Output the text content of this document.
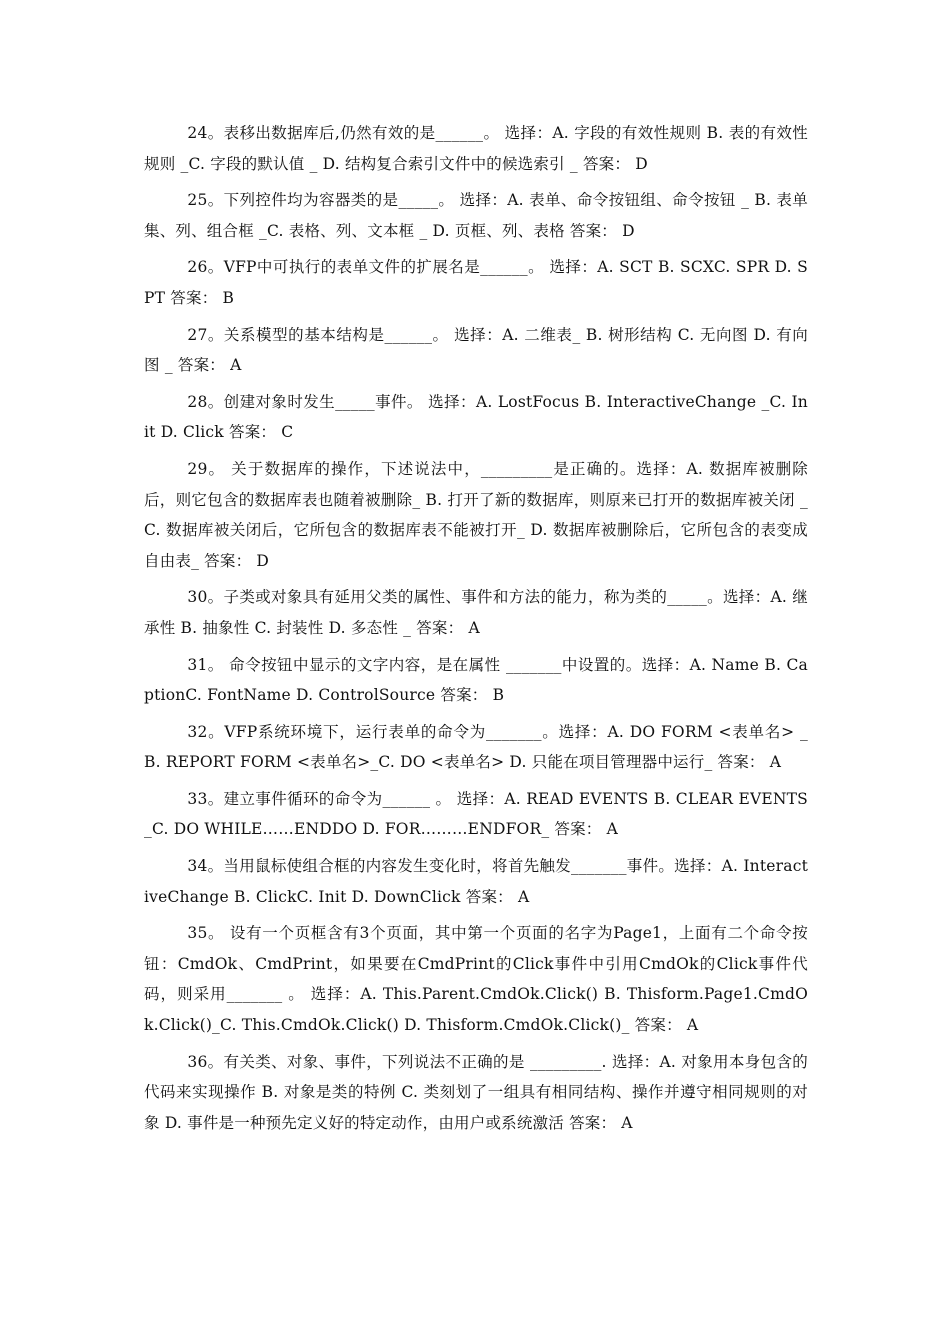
24。表移出数据库后,仍然有效的是______。 选择：A. 字段的有效性规则 B. 表的有效性规则 _C. 字段的默认值 _ D. 结构复合索引文件中的候选索引 _ 答案： D

25。下列控件均为容器类的是_____。 选择：A. 表单、命令按钮组、命令按钮 _ B. 表单集、列、组合框 _C. 表格、列、文本框 _ D. 页框、列、表格 答案： D

26。VFP中可执行的表单文件的扩展名是______。 选择：A. SCT B. SCXC. SPR D. SPT 答案： B

27。关系模型的基本结构是______。 选择：A. 二维表_ B. 树形结构 C. 无向图 D. 有向图 _ 答案： A

28。创建对象时发生_____事件。 选择：A. LostFocus B. InteractiveChange _C. Init D. Click 答案： C

29。 关于数据库的操作，下述说法中，_________是正确的。选择：A. 数据库被删除后，则它包含的数据库表也随着被删除_ B. 打开了新的数据库，则原来已打开的数据库被关闭 _C. 数据库被关闭后，它所包含的数据库表不能被打开_ D. 数据库被删除后，它所包含的表变成自由表_ 答案： D

30。子类或对象具有延用父类的属性、事件和方法的能力，称为类的_____。选择：A. 继承性 B. 抽象性 C. 封装性 D. 多态性 _ 答案： A

31。 命令按钮中显示的文字内容，是在属性 _______中设置的。选择：A. Name B. CaptionC. FontName D. ControlSource 答案： B

32。VFP系统环境下，运行表单的命令为_______。选择：A. DO FORM <表单名> _ B. REPORT FORM <表单名>_C. DO <表单名> D. 只能在项目管理器中运行_ 答案： A

33。建立事件循环的命令为______ 。 选择：A. READ EVENTS B. CLEAR EVENTS_C. DO WHILE……ENDDO D. FOR………ENDFOR_ 答案： A

34。当用鼠标使组合框的内容发生变化时，将首先触发_______事件。选择：A. InteractiveChange B. ClickC. Init D. DownClick 答案： A

35。 设有一个页框含有3个页面，其中第一个页面的名字为Page1，上面有二个命令按钮：CmdOk、CmdPrint，如果要在CmdPrint的Click事件中引用CmdOk的Click事件代码，则采用_______ 。 选择：A. This.Parent.CmdOk.Click() B. Thisform.Page1.CmdOk.Click()_C. This.CmdOk.Click() D. Thisform.CmdOk.Click()_ 答案： A

36。有关类、对象、事件，下列说法不正确的是 _________. 选择：A. 对象用本身包含的代码来实现操作 B. 对象是类的特例 C. 类刻划了一组具有相同结构、操作并遵守相同规则的对象 D. 事件是一种预先定义好的特定动作，由用户或系统激活 答案： A
